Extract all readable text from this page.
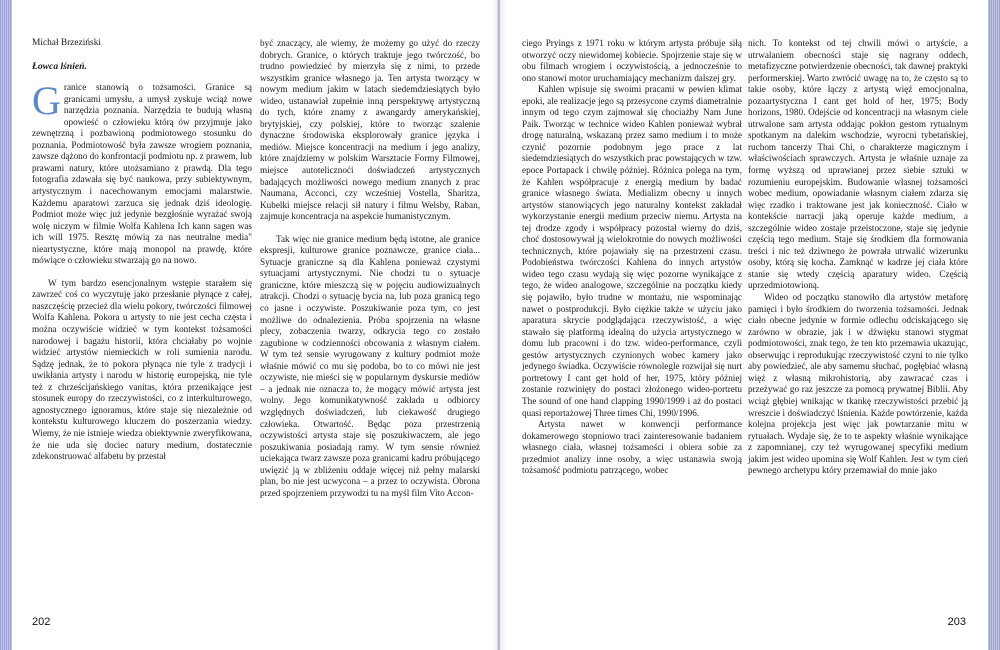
Michał Brzeziński
Łowca lśnień.

Granice stanowią o tożsamości. Granice są granicami umysłu, a umysł zyskuje wciąż nowe narzędzia poznania. Narzędzia te budują własną opowieść o człowieku którą ów przyjmuje jako zewnętrzną i pozbawioną podmiotowego stosunku do poznania. Podmiotowość była zawsze wrogiem poznania, zawsze dążono do konfrontacji podmiotu np. z prawem, lub prawami natury, które utożsamiano z prawdą. Dla tego fotografia zdawała się być naukowa, przy subiektywnym, artystycznym i nacechowanym emocjami malarstwie. Każdemu aparatowi zarzuca się jednak dziś ideologię. Podmiot może więc już jedynie bezgłośnie wyrażać swoją wolę niczym w filmie Wolfa Kahlena Ich kann sagen was ich will 1975. Resztę mówią za nas neutralne media" nieartystyczne, które mają monopol na prawdę, które mówiące o człowieku stwarzają go na nowo.

W tym bardzo esencjonalnym wstępie starałem się zawrzeć coś co wyczytuję jako przesłanie płynące z całej, naszczęścię przecież dla wielu pokory, twórczości filmowej Wolfa Kahlena. Pokora u artysty to nie jest cecha częsta i można oczywiście widzieć w tym kontekst tożsamości narodowej i bagażu historii, która chciałaby po wojnie widzieć artystów niemieckich w roli sumienia narodu. Sądzę jednak, że to pokora płynąca nie tyle z tradycji i uwikłania artysty i narodu w historię europejską, nie tyle też z chrześcijańskiego vanitas, która przenikające jest stosunek europy do rzeczywistości, co z interkulturowego, agnostycznego ignoramus, które staje się niezależnie od kontekstu kulturowego kluczem do poszerzania wiedzy. Wiemy, że nie istnieje wiedza obiektywnie zweryfikowana, że nie uda się dociec natury medium, dostatecznie zdekonstruować alfabetu by przestał

być znaczący, ale wiemy, że możemy go użyć do rzeczy dobrych. Granice, o których traktuje jego twórczość, bo trudno powiedzieć by mierzyła się z nimi, to przede wszystkim granice własnego ja. Ten artysta tworzący w nowym medium jakim w latach siedemdziesiątych było wideo, ustanawiał zupełnie inną perspektywę artystyczną do tych, które znamy z awangardy amerykańskiej, brytyjskiej, czy polskiej, które to tworząc szalenie dynaczne środowiska eksplorowały granice języka i mediów. Miejsce koncentracji na medium i jego analizy, które znajdziemy w polskim Warsztacie Formy Filmowej, miejsce autotelicznoći doświadczeń artystycznych badających możliwości nowego medium znanych z prac Naumana, Acconci, czy wcześniej Vostella, Sharitza, Kubelki miejsce relacji sił natury i filmu Welsby, Raban, zajmuje koncentracja na aspekcie humanistycznym.

Tak więc nie granice medium będą istotne, ale granice ekspresji, kulturowe granice poznawcze, granice ciała... Sytuacje graniczne są dla Kahlena ponieważ czystymi sytuacjami artystycznymi. Nie chodzi tu o sytuacje graniczne, które mieszczą się w pojęciu audiowizualnych atrakcji. Chodzi o sytuację bycia na, lub poza granicą tego co jasne i oczywiste. Poszukiwanie poza tym, co jest możliwe do odnalezienia. Próba spojrzenia na własne plecy, zobaczenia twarzy, odkrycia tego co zostało zagubione w codzienności obcowania z własnym ciałem. W tym też sensie wyrugowany z kultury podmiot może właśnie mówić co mu się podoba, bo to co mówi nie jest oczywiste, nie mieści się w popularnym dyskursie mediów – a jednak nie oznacza to, że mogący mówić artysta jest wolny. Jego komunikatywność zakłada u odbiorcy względnych doświadczeń, lub ciekawość drugiego człowieka. Otwartość. Będąc poza przestrzenią oczywistości artysta staje się poszukiwaczem, ale jego poszukiwania posiadają ramy. W tym sensie również uciekająca twarz zawsze poza granicami kadru próbującego uwięzić ją w zbliżeniu oddaje więcej niż pełny malarski plan, bo nie jest ucwycona – a przez to oczywista. Obrona przed spojrzeniem przywodzi tu na myśl film Vito Accon-

202

ciego Pryings z 1971 roku w którym artysta próbuje siłą otworzyć oczy niewidomej kobiecie. Spojrzenie staje się w obu filmach wrogiem i oczywistością, a jednocześnie to ono stanowi motor uruchamiający mechanizm dalszej gry.

Kahlen wpisuje się swoimi pracami w pewien klimat epoki, ale realizacje jego są przesycone czymś diametralnie innym od tego czym zajmował się chociażby Nam June Paik. Tworząc w technice wideo Kahlen ponieważ wybrał drogę naturalną, wskazaną przez samo medium i to może czynić pozornie podobnym jego prace z lat siedemdziesiątych do wszystkich prac powstających w tzw. epoce Portapack i chwilę później. Różnica polega na tym, że Kahlen współpracuje z energią medium by badać granice własnego świata. Medializm obecny u innych artystów stanowiących jego naturalny kontekst zakładał wykorzystanie energii medium przeciw niemu. Artysta na tej drodze zgody i współpracy pozostał wierny do dziś, choć dostosowywał ją wielokrotnie do nowych możliwości technicznych, które pojawiały się na przestrzeni czasu. Podobieństwa twórczości Kahlena do innych artystów wideo tego czasu wydają się więc pozorne wynikające z tego, że wideo analogowe, szczególnie na początku kiedy się pojawiło, było trudne w montażu, nie wspominając nawet o postprodukcji. Było ciężkie także w użyciu jako aparatura skrycie podglądająca rzeczywistość, a więc stawało się platformą idealną do użycia artystycznego w domu lub pracowni i do tzw. wideo-performance, czyli gestów artystycznych czynionych wobec kamery jako jedynego świadka. Oczywiście równolegle rozwijał się nurt portretowy I cant get hold of her, 1975, który później zostanie rozwinięty do postaci złożonego wideo-portretu The sound of one hand clapping 1990/1999 i aż do postaci quasi reportażowej Three times Chi, 1990/1996.

Artysta nawet w konwencji performance dokamerowego stopniowo traci zainteresowanie badaniem własnego ciała, własnej tożsamości i obiera sobie za przedmiot analizy inne osoby, a więc ustanawia swoją tożsamość podmiotu patrzącego, wobec

nich. To kontekst od tej chwili mówi o artyście, a utrwalaniem obecności staje się nagrany oddech, metafizyczne potwierdzenie obecności, tak dawnej praktyki performerskiej. Warto zwrócić uwagę na to, że często są to takie osoby, które łączy z artystą więź emocjonalna, pozaartystyczna I cant get hold of her, 1975; Body horizons, 1980. Odejście od koncentracji na własnym ciele utrwalone sam artysta oddając pokłon gestom rytualnym spotkanym na dalekim wschodzie, wyrocni tybetańskiej, ruchom tancerzy Thai Chi, o charakterze magicznym i właściwościach sprawczych. Artysta je właśnie uznaje za formę wyższą od uprawianej przez siebie sztuki w rozumieniu europejskim. Budowanie własnej tożsamości wobec medium, opowiadanie własnym ciałem zdarza się więc rzadko i traktowane jest jak konieczność. Ciało w kontekście narracji jaką operuje każde medium, a szczególnie wideo zostaje przeistoczone, staje się jedynie częścią tego medium. Staje się środkiem dla formowania treści i nic też dziwnego że powrała utrwalić wizerunku osoby, którą się kocha. Zamknąć w kadrze jej ciała które stanie się wtedy częścią aparatury wideo. Częścią uprzedmiotowioną.

Wideo od początku stanowiło dla artystów metaforę pamięci i było środkiem do tworzenia tożsamości. Jednak ciało obecne jedynie w formie odlechu odciskającego się zarówno w obrazie, jak i w dźwięku stanowi stygmat podmiotowości, znak tego, że ten kto przemawia ukazując, obserwując i reprodukując rzeczywistość czyni to nie tylko aby powiedzieć, ale aby samemu słuchać, pogłębiać własną więź z własną mikrohistorią, aby zawracać czas i przeżywać go raz jeszcze za pomocą prywatnej Biblii. Aby wciąż głębiej wnikając w tkankę rzeczywistości przebić ją wreszcie i doświadczyć lśnienia. Każde powtórzenie, każda kolejna projekcja jest więc jak powtarzanie mitu w rytuałach. Wydaje się, że to te aspekty właśnie wynikające z zapomnianej, czy też wyrugowanej specyfiki medium jakim jest wideo upomina się Wolf Kahlen. Jest w tym cień pewnego archetypu który przemawiał do mnie jako

203
